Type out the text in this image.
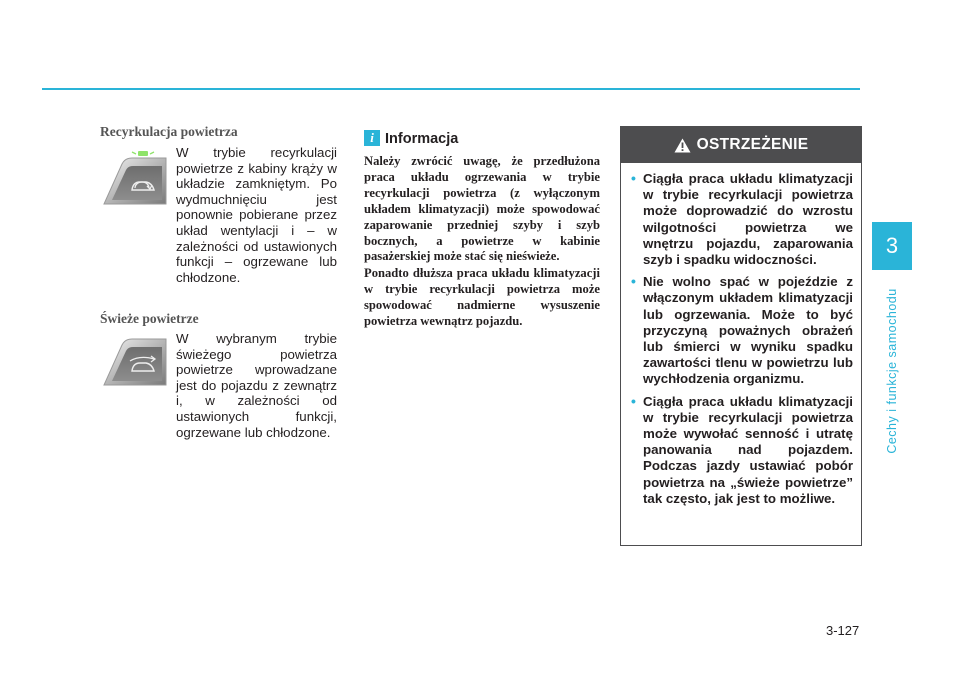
3
Cechy i funkcje samochodu
Recyrkulacja powietrza
W trybie recyrkulacji powietrze z kabiny krąży w układzie zamkniętym. Po wydmuchnięciu jest ponownie pobierane przez układ wentylacji i – w zależności od ustawionych funkcji – ogrzewane lub chłodzone.
Świeże powietrze
W wybranym trybie świeżego powietrza powietrze wprowadzane jest do pojazdu z zewnątrz i, w zależności od ustawionych funkcji, ogrzewane lub chłodzone.
i Informacja
Należy zwrócić uwagę, że przedłużona praca układu ogrzewania w trybie recyrkulacji powietrza (z wyłączonym układem klimatyzacji) może spowodować zaparowanie przedniej szyby i szyb bocznych, a powietrze w kabinie pasażerskiej może stać się nieświeże.
Ponadto dłuższa praca układu klimatyzacji w trybie recyrkulacji powietrza może spowodować nadmierne wysuszenie powietrza wewnątrz pojazdu.
OSTRZEŻENIE
• Ciągła praca układu klimatyzacji w trybie recyrkulacji powietrza może doprowadzić do wzrostu wilgotności powietrza we wnętrzu pojazdu, zaparowania szyb i spadku widoczności.
• Nie wolno spać w pojeździe z włączonym układem klimatyzacji lub ogrzewania. Może to być przyczyną poważnych obrażeń lub śmierci w wyniku spadku zawartości tlenu w powietrzu lub wychłodzenia organizmu.
• Ciągła praca układu klimatyzacji w trybie recyrkulacji powietrza może wywołać senność i utratę panowania nad pojazdem. Podczas jazdy ustawiać pobór powietrza na „świeże powietrze” tak często, jak jest to możliwe.
3-127
